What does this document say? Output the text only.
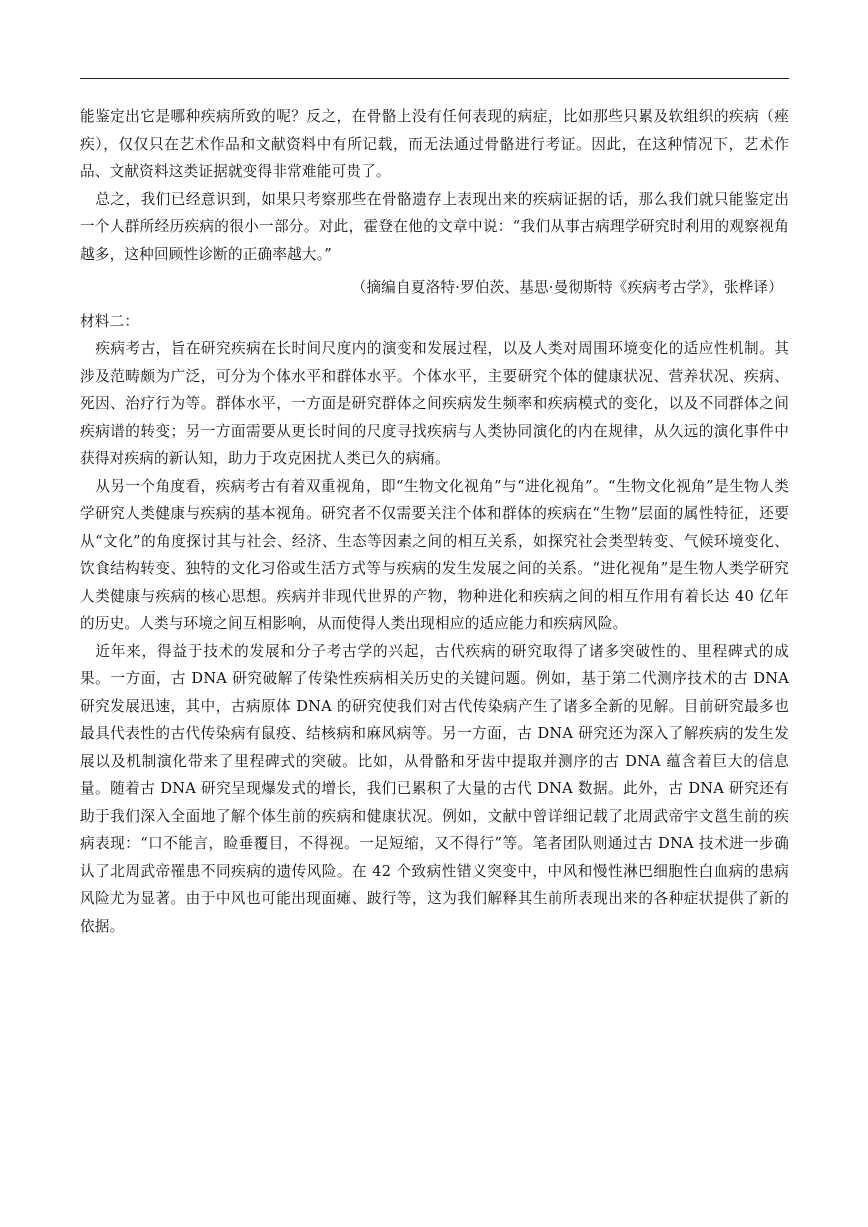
能鉴定出它是哪种疾病所致的呢？反之，在骨骼上没有任何表现的病症，比如那些只累及软组织的疾病（痤疾），仅仅只在艺术作品和文献资料中有所记载，而无法通过骨骼进行考证。因此，在这种情况下，艺术作品、文献资料这类证据就变得非常难能可贵了。

总之，我们已经意识到，如果只考察那些在骨骼遗存上表现出来的疾病证据的话，那么我们就只能鉴定出一个人群所经历疾病的很小一部分。对此，霍登在他的文章中说：“我们从事古病理学研究时利用的观察视角越多，这种回顾性诊断的正确率越大。”

（摘编自夏洛特·罗伯茨、基思·曼彻斯特《疾病考古学》，张桦译）

材料二：

疾病考古，旨在研究疾病在长时间尺度内的演变和发展过程，以及人类对周围环境变化的适应性机制。其涉及范畴颇为广泛，可分为个体水平和群体水平。个体水平，主要研究个体的健康状况、营养状况、疾病、死因、治疗行为等。群体水平，一方面是研究群体之间疾病发生频率和疾病模式的变化，以及不同群体之间疾病谱的转变；另一方面需要从更长时间的尺度寻找疾病与人类协同演化的内在规律，从久远的演化事件中获得对疾病的新认知，助力于攻克困扰人类已久的病痛。

从另一个角度看，疾病考古有着双重视角，即“生物文化视角”与“进化视角”。“生物文化视角”是生物人类学研究人类健康与疾病的基本视角。研究者不仅需要关注个体和群体的疾病在“生物”层面的属性特征，还要从“文化”的角度探讨其与社会、经济、生态等因素之间的相互关系，如探究社会类型转变、气候环境变化、饮食结构转变、独特的文化习俗或生活方式等与疾病的发生发展之间的关系。“进化视角”是生物人类学研究人类健康与疾病的核心思想。疾病并非现代世界的产物，物种进化和疾病之间的相互作用有着长达 40 亿年的历史。人类与环境之间互相影响，从而使得人类出现相应的适应能力和疾病风险。

近年来，得益于技术的发展和分子考古学的兴起，古代疾病的研究取得了诸多突破性的、里程碑式的成果。一方面，古 DNA 研究破解了传染性疾病相关历史的关键问题。例如，基于第二代测序技术的古 DNA 研究发展迅速，其中，古病原体 DNA 的研究使我们对古代传染病产生了诸多全新的见解。目前研究最多也最具代表性的古代传染病有鼠疫、结核病和麻风病等。另一方面，古 DNA 研究还为深入了解疾病的发生发展以及机制演化带来了里程碑式的突破。比如，从骨骼和牙齿中提取并测序的古 DNA 蕴含着巨大的信息量。随着古 DNA 研究呈现爆发式的增长，我们已累积了大量的古代 DNA 数据。此外，古 DNA 研究还有助于我们深入全面地了解个体生前的疾病和健康状况。例如，文献中曾详细记载了北周武帝宇文邕生前的疾病表现：“口不能言，睑垂覆目，不得视。一足短缩，又不得行”等。笔者团队则通过古 DNA 技术进一步确认了北周武帝罹患不同疾病的遗传风险。在 42 个致病性错义突变中，中风和慢性淋巴细胞性白血病的患病风险尤为显著。由于中风也可能出现面瘫、跛行等，这为我们解释其生前所表现出来的各种症状提供了新的依据。
